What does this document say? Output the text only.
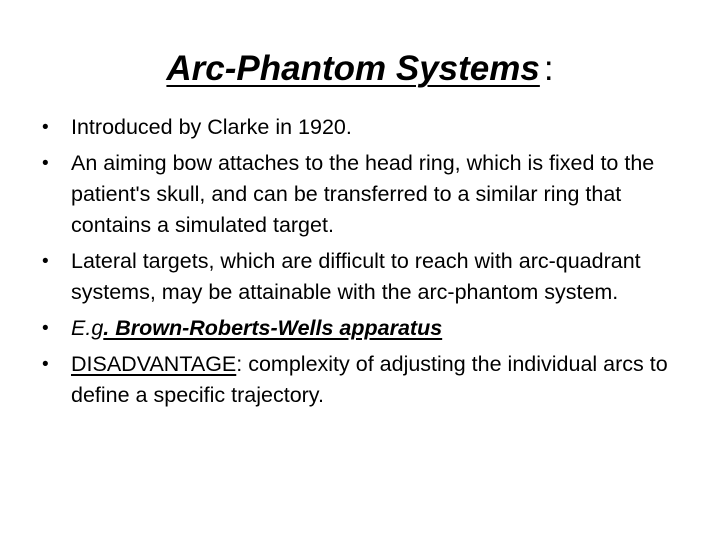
Arc-Phantom Systems :
• Introduced by Clarke in 1920.
• An aiming bow attaches to the head ring, which is fixed to the patient's skull, and can be transferred to a similar ring that contains a simulated target.
• Lateral targets, which are difficult to reach with arc-quadrant systems, may be attainable with the arc-phantom system.
• E.g. Brown-Roberts-Wells apparatus
• DISADVANTAGE: complexity of adjusting the individual arcs to define a specific trajectory.
